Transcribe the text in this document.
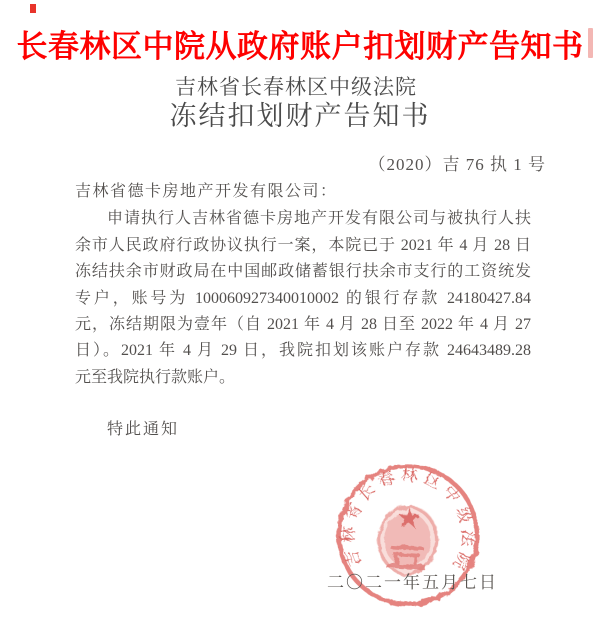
长春林区中院从政府账户扣划财产告知书
吉林省长春林区中级法院
冻结扣划财产告知书
（2020）吉 76 执 1 号
吉林省德卡房地产开发有限公司：
申请执行人吉林省德卡房地产开发有限公司与被执行人扶
余市人民政府行政协议执行一案，本院已于 2021 年 4 月 28 日
冻结扶余市财政局在中国邮政储蓄银行扶余市支行的工资统发
专户，账号为 100060927340010002 的银行存款 24180427.84
元，冻结期限为壹年（自 2021 年 4 月 28 日至 2022 年 4 月 27
日）。2021 年 4 月 29 日，我院扣划该账户存款 24643489.28
元至我院执行款账户。
特此通知
吉林省长春林区中级法院
二〇二一年五月七日
